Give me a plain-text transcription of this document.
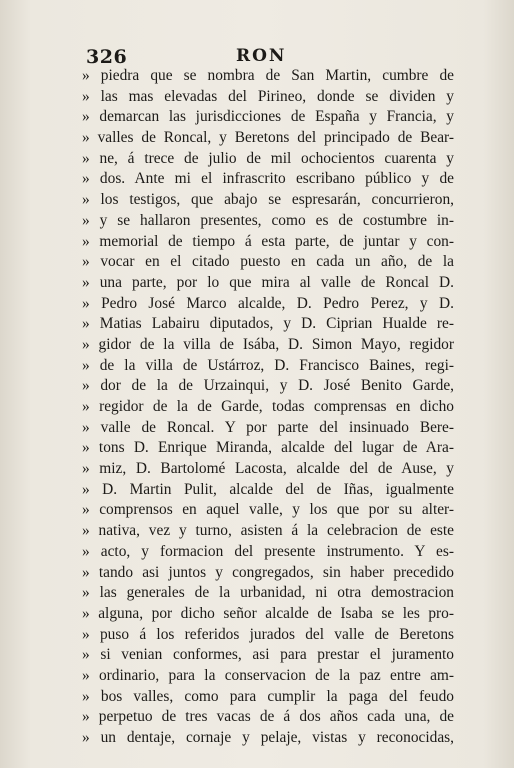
326	RON
» piedra que se nombra de San Martin, cumbre de
» las mas elevadas del Pirineo, donde se dividen y
» demarcan las jurisdicciones de España y Francia, y
» valles de Roncal, y Beretons del principado de Bear-
» ne, á trece de julio de mil ochocientos cuarenta y
» dos. Ante mi el infrascrito escribano público y de
» los testigos, que abajo se espresarán, concurrieron,
» y se hallaron presentes, como es de costumbre in-
» memorial de tiempo á esta parte, de juntar y con-
» vocar en el citado puesto en cada un año, de la
» una parte, por lo que mira al valle de Roncal D.
» Pedro José Marco alcalde, D. Pedro Perez, y D.
» Matias Labairu diputados, y D. Ciprian Hualde re-
» gidor de la villa de Isába, D. Simon Mayo, regidor
» de la villa de Ustárroz, D. Francisco Baines, regi-
» dor de la de Urzainqui, y D. José Benito Garde,
» regidor de la de Garde, todas comprensas en dicho
» valle de Roncal. Y por parte del insinuado Bere-
» tons D. Enrique Miranda, alcalde del lugar de Ara-
» miz, D. Bartolomé Lacosta, alcalde del de Ause, y
» D. Martin Pulit, alcalde del de Iñas, igualmente
» comprensos en aquel valle, y los que por su alter-
» nativa, vez y turno, asisten á la celebracion de este
» acto, y formacion del presente instrumento. Y es-
» tando asi juntos y congregados, sin haber precedido
» las generales de la urbanidad, ni otra demostracion
» alguna, por dicho señor alcalde de Isaba se les pro-
» puso á los referidos jurados del valle de Beretons
» si venian conformes, asi para prestar el juramento
» ordinario, para la conservacion de la paz entre am-
» bos valles, como para cumplir la paga del feudo
» perpetuo de tres vacas de á dos años cada una, de
» un dentaje, cornaje y pelaje, vistas y reconocidas,
